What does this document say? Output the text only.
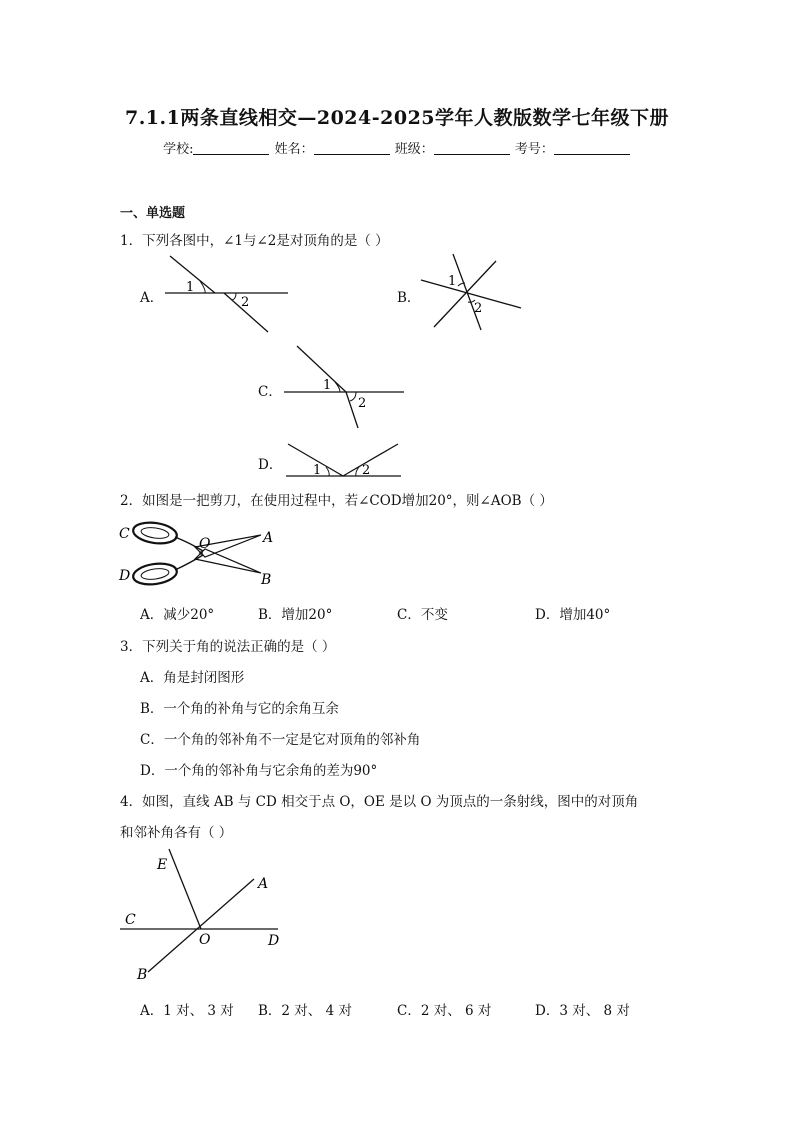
7.1.1两条直线相交—2024-2025学年人教版数学七年级下册
学校:	姓名：	班级：	考号：
一、单选题
1．下列各图中，∠1与∠2是对顶角的是（ ）
A．
1
2	B．
1
2
C．	1
2
D． 1	2
2．如图是一把剪刀，在使用过程中，若∠COD增加20°，则∠AOB（ ）
C
D
O	A
B
A．减少20°	B．增加20°	C．不变	D．增加40°
3．下列关于角的说法正确的是（ ）
A．角是封闭图形
B．一个角的补角与它的余角互余
C．一个角的邻补角不一定是它对顶角的邻补角
D．一个角的邻补角与它余角的差为90°
4．如图，直线 AB 与 CD 相交于点 O，OE 是以 O 为顶点的一条射线，图中的对顶角
和邻补角各有（ ）
E
A
C
O	D
B
A．1 对、 3 对 B．2 对、 4 对	C．2 对、 6 对	D．3 对、 8 对
